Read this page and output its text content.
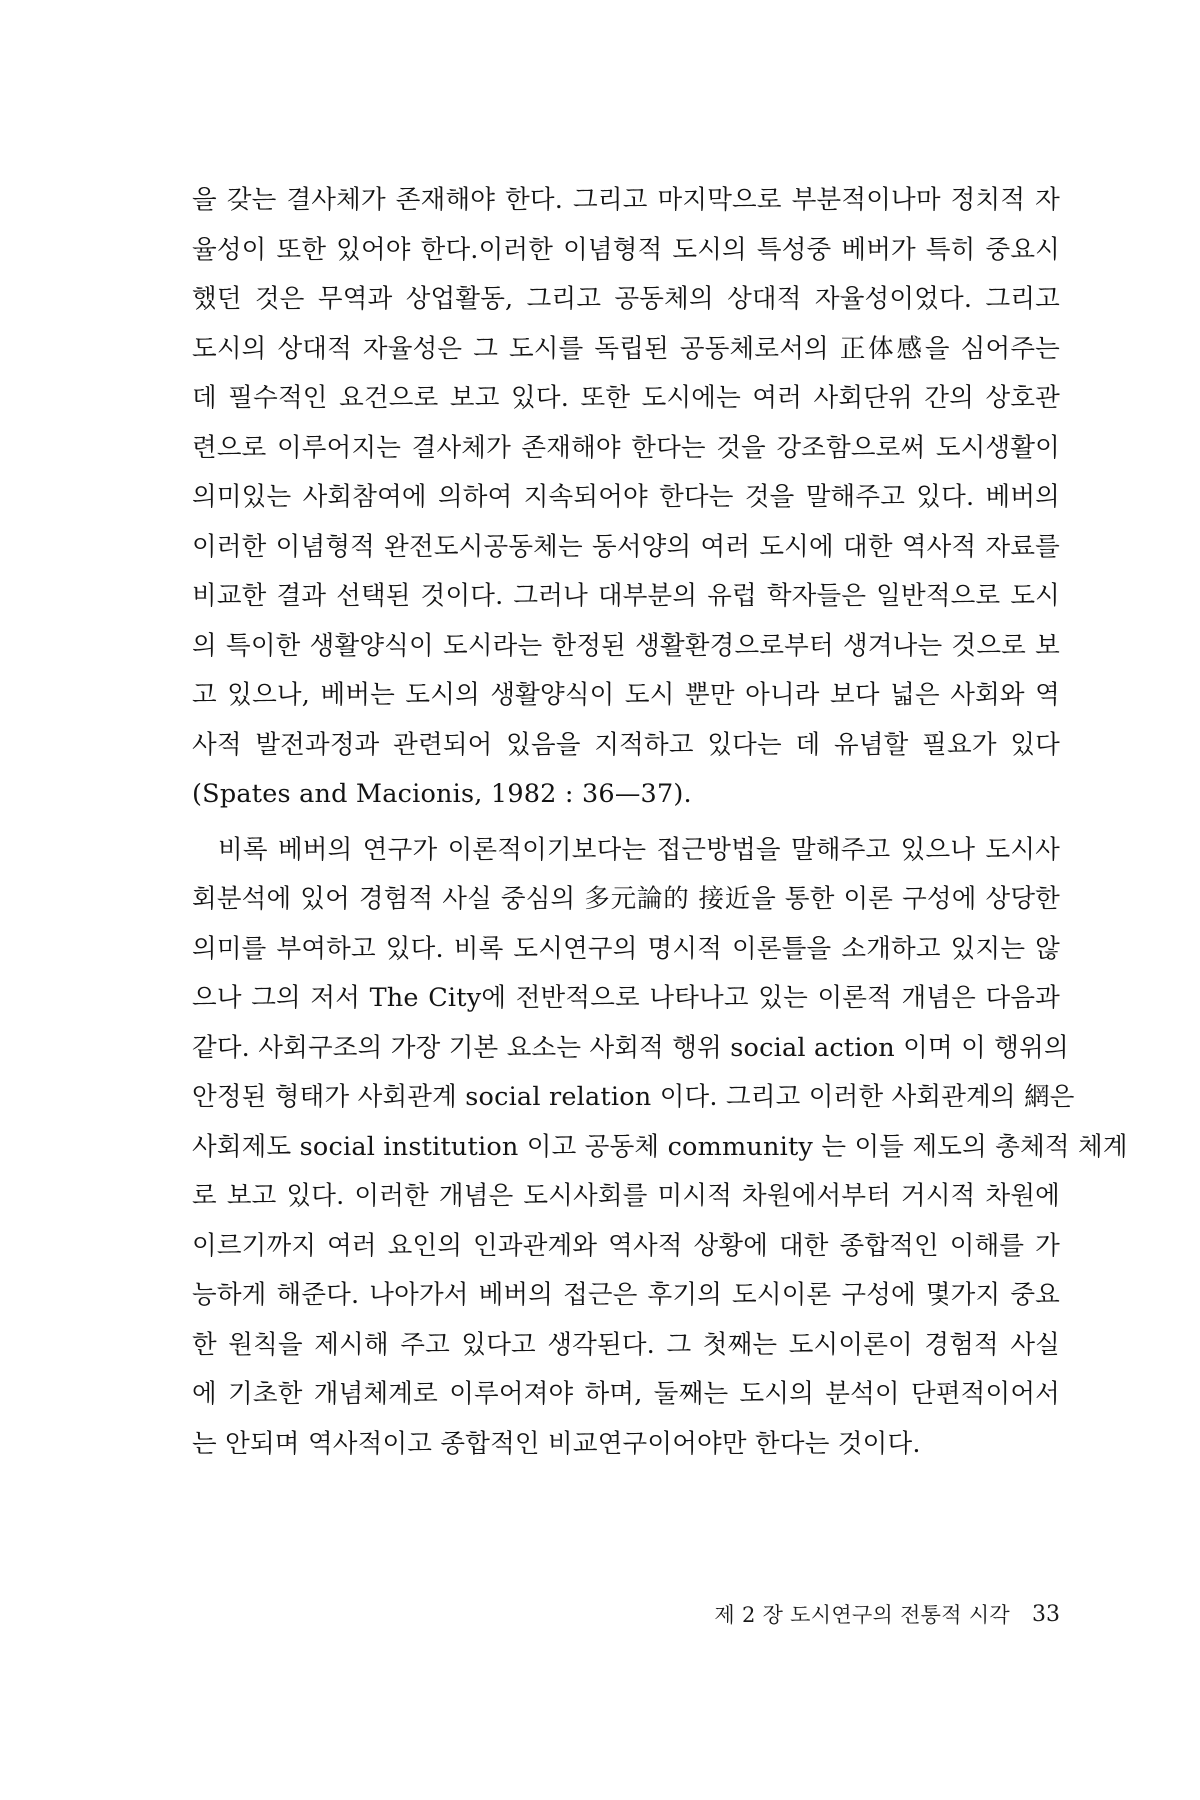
을 갖는 결사체가 존재해야 한다. 그리고 마지막으로 부분적이나마 정치적 자
율성이 또한 있어야 한다.이러한 이념형적 도시의 특성중 베버가 특히 중요시
했던 것은 무역과 상업활동, 그리고 공동체의 상대적 자율성이었다. 그리고
도시의 상대적 자율성은 그 도시를 독립된 공동체로서의 正体感을 심어주는
데 필수적인 요건으로 보고 있다. 또한 도시에는 여러 사회단위 간의 상호관
련으로 이루어지는 결사체가 존재해야 한다는 것을 강조함으로써 도시생활이
의미있는 사회참여에 의하여 지속되어야 한다는 것을 말해주고 있다. 베버의
이러한 이념형적 완전도시공동체는 동서양의 여러 도시에 대한 역사적 자료를
비교한 결과 선택된 것이다. 그러나 대부분의 유럽 학자들은 일반적으로 도시
의 특이한 생활양식이 도시라는 한정된 생활환경으로부터 생겨나는 것으로 보
고 있으나, 베버는 도시의 생활양식이 도시 뿐만 아니라 보다 넓은 사회와 역
사적 발전과정과 관련되어 있음을 지적하고 있다는 데 유념할 필요가 있다
(Spates and Macionis, 1982 : 36—37).
비록 베버의 연구가 이론적이기보다는 접근방법을 말해주고 있으나 도시사
회분석에 있어 경험적 사실 중심의 多元論的 接近을 통한 이론 구성에 상당한
의미를 부여하고 있다. 비록 도시연구의 명시적 이론틀을 소개하고 있지는 않
으나 그의 저서 The City에 전반적으로 나타나고 있는 이론적 개념은 다음과
같다. 사회구조의 가장 기본 요소는 사회적 행위 social action 이며 이 행위의
안정된 형태가 사회관계 social relation 이다. 그리고 이러한 사회관계의 網은
사회제도 social institution 이고 공동체 community 는 이들 제도의 총체적 체계
로 보고 있다. 이러한 개념은 도시사회를 미시적 차원에서부터 거시적 차원에
이르기까지 여러 요인의 인과관계와 역사적 상황에 대한 종합적인 이해를 가
능하게 해준다. 나아가서 베버의 접근은 후기의 도시이론 구성에 몇가지 중요
한 원칙을 제시해 주고 있다고 생각된다. 그 첫째는 도시이론이 경험적 사실
에 기초한 개념체계로 이루어져야 하며, 둘째는 도시의 분석이 단편적이어서
는 안되며 역사적이고 종합적인 비교연구이어야만 한다는 것이다.
제 2 장 도시연구의 전통적 시각 33
